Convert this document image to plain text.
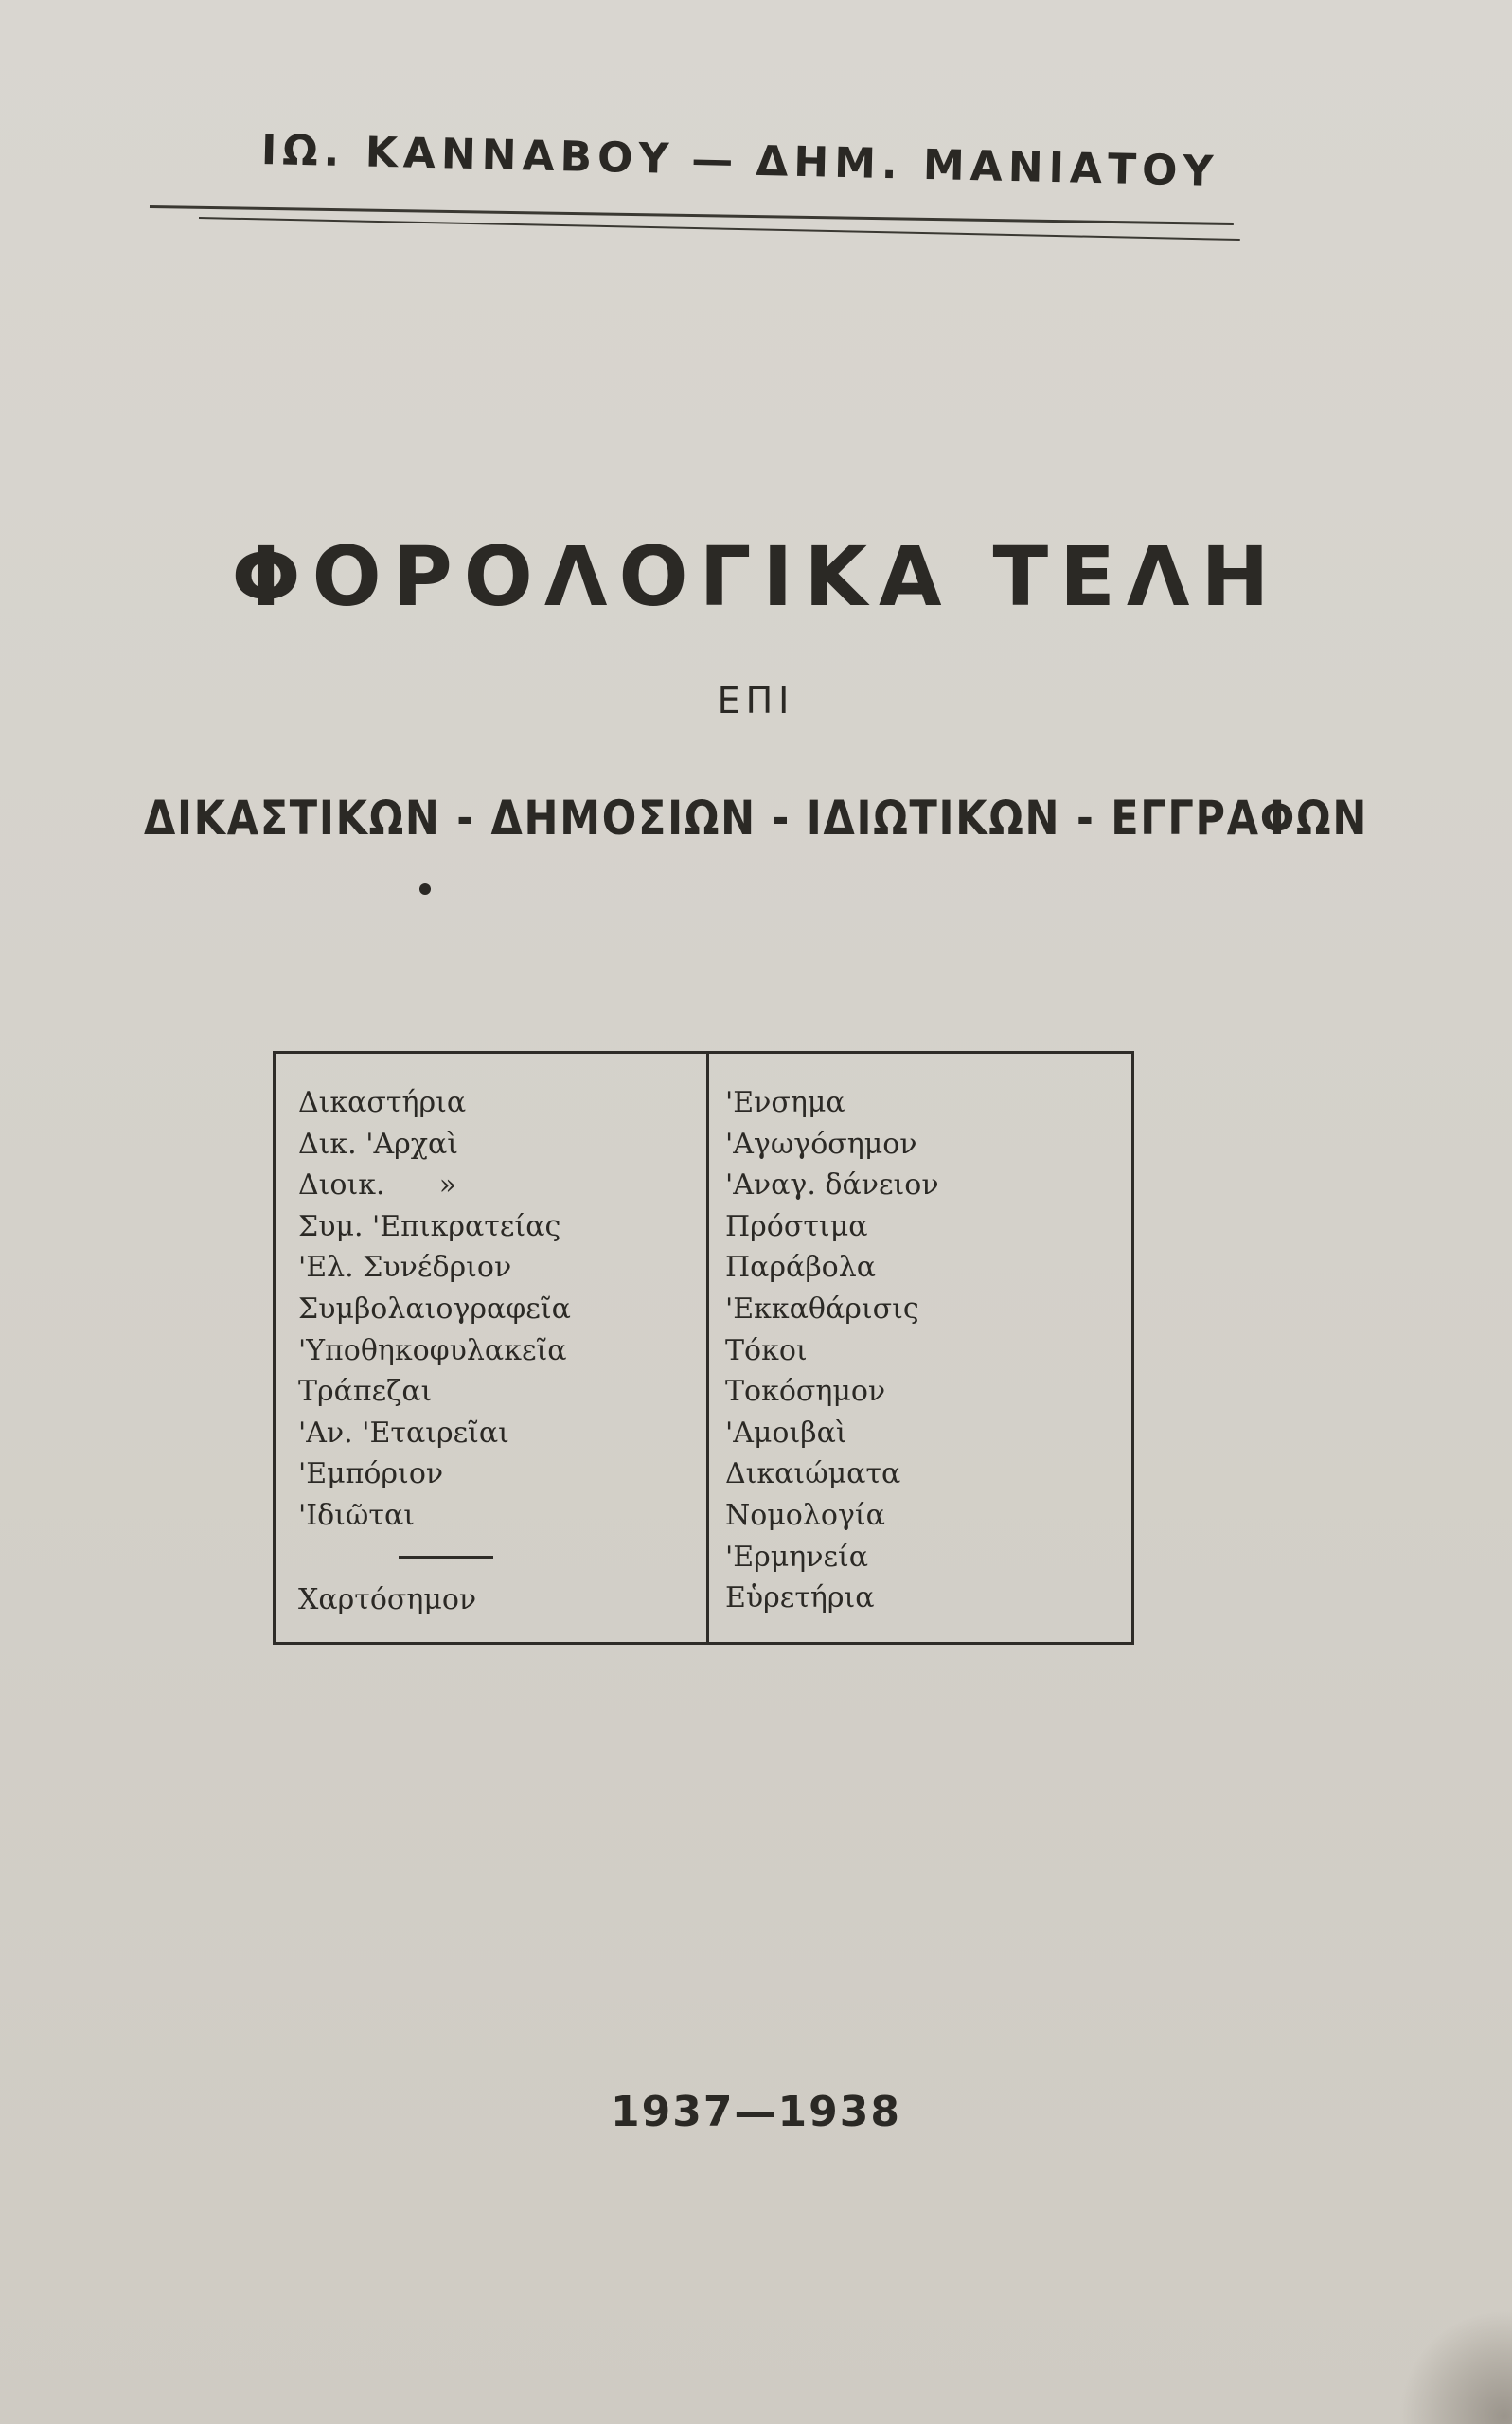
ΙΩ. ΚΑΝΝΑΒΟΥ — ΔΗΜ. ΜΑΝΙΑΤΟΥ
ΦΟΡΟΛΟΓΙΚΑ ΤΕΛΗ
ΕΠΙ
ΔΙΚΑΣΤΙΚΩΝ - ΔΗΜΟΣΙΩΝ - ΙΔΙΩΤΙΚΩΝ - ΕΓΓΡΑΦΩΝ
Δικαστήρια
Δικ. 'Αρχαὶ
Διοικ.      »
Συμ. 'Επικρατείας
'Ελ. Συνέδριον
Συμβολαιογραφεῖα
'Υποθηκοφυλακεῖα
Τράπεζαι
'Αν. 'Εταιρεῖαι
'Εμπόριον
'Ιδιῶται
Χαρτόσημον
'Ενσημα
'Αγωγόσημον
'Αναγ. δάνειον
Πρόστιμα
Παράβολα
'Εκκαθάρισις
Τόκοι
Τοκόσημον
'Αμοιβαὶ
Δικαιώματα
Νομολογία
'Ερμηνεία
Εὑρετήρια
1937—1938
